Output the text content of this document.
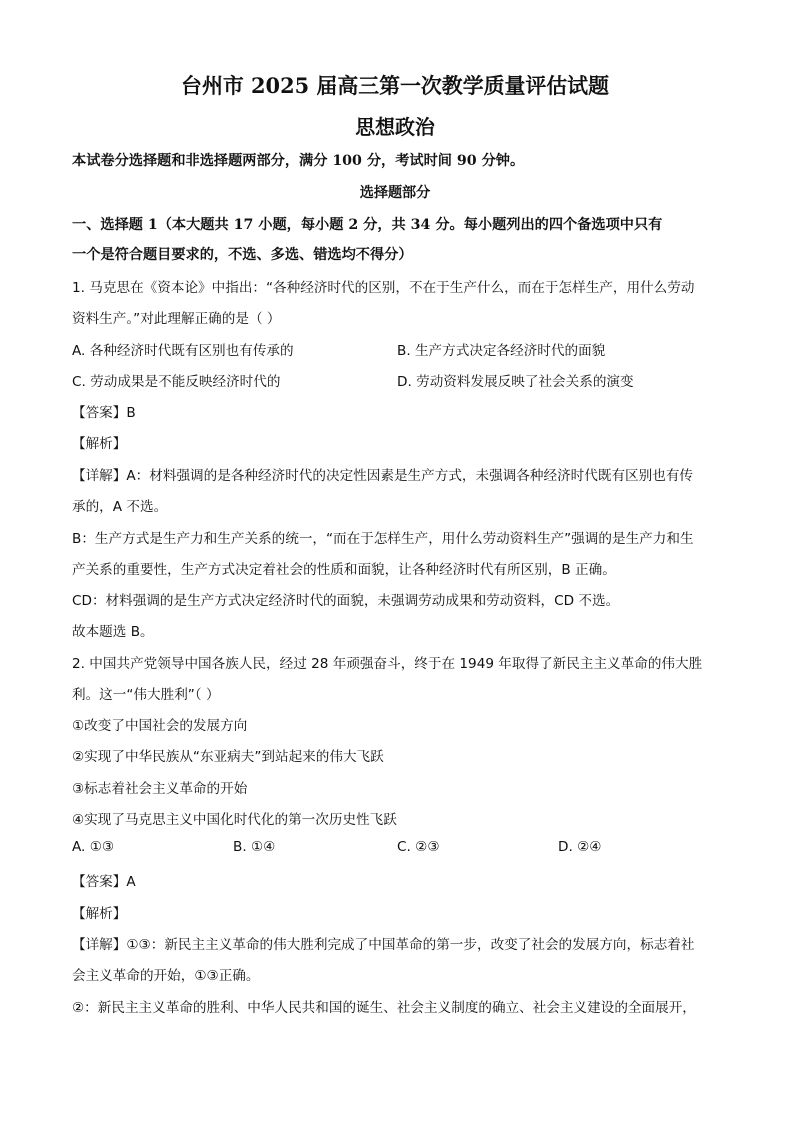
台州市 2025 届高三第一次教学质量评估试题
思想政治
本试卷分选择题和非选择题两部分，满分 100 分，考试时间 90 分钟。
选择题部分
一、选择题 1（本大题共 17 小题，每小题 2 分，共 34 分。每小题列出的四个备选项中只有
一个是符合题目要求的，不选、多选、错选均不得分）
1. 马克思在《资本论》中指出：“各种经济时代的区别，不在于生产什么，而在于怎样生产，用什么劳动
资料生产。”对此理解正确的是（ ）
A. 各种经济时代既有区别也有传承的	B. 生产方式决定各经济时代的面貌
C. 劳动成果是不能反映经济时代的	D. 劳动资料发展反映了社会关系的演变
【答案】B
【解析】
【详解】A：材料强调的是各种经济时代的决定性因素是生产方式，未强调各种经济时代既有区别也有传
承的，A 不选。
B：生产方式是生产力和生产关系的统一，“而在于怎样生产，用什么劳动资料生产”强调的是生产力和生
产关系的重要性，生产方式决定着社会的性质和面貌，让各种经济时代有所区别，B 正确。
CD：材料强调的是生产方式决定经济时代的面貌，未强调劳动成果和劳动资料，CD 不选。
故本题选 B。
2. 中国共产党领导中国各族人民，经过 28 年顽强奋斗，终于在 1949 年取得了新民主主义革命的伟大胜
利。这一“伟大胜利”（ ）
①改变了中国社会的发展方向
②实现了中华民族从“东亚病夫”到站起来的伟大飞跃
③标志着社会主义革命的开始
④实现了马克思主义中国化时代化的第一次历史性飞跃
A. ①③	B. ①④	C. ②③	D. ②④
【答案】A
【解析】
【详解】①③：新民主主义革命的伟大胜利完成了中国革命的第一步，改变了社会的发展方向，标志着社
会主义革命的开始，①③正确。
②：新民主主义革命的胜利、中华人民共和国的诞生、社会主义制度的确立、社会主义建设的全面展开，
